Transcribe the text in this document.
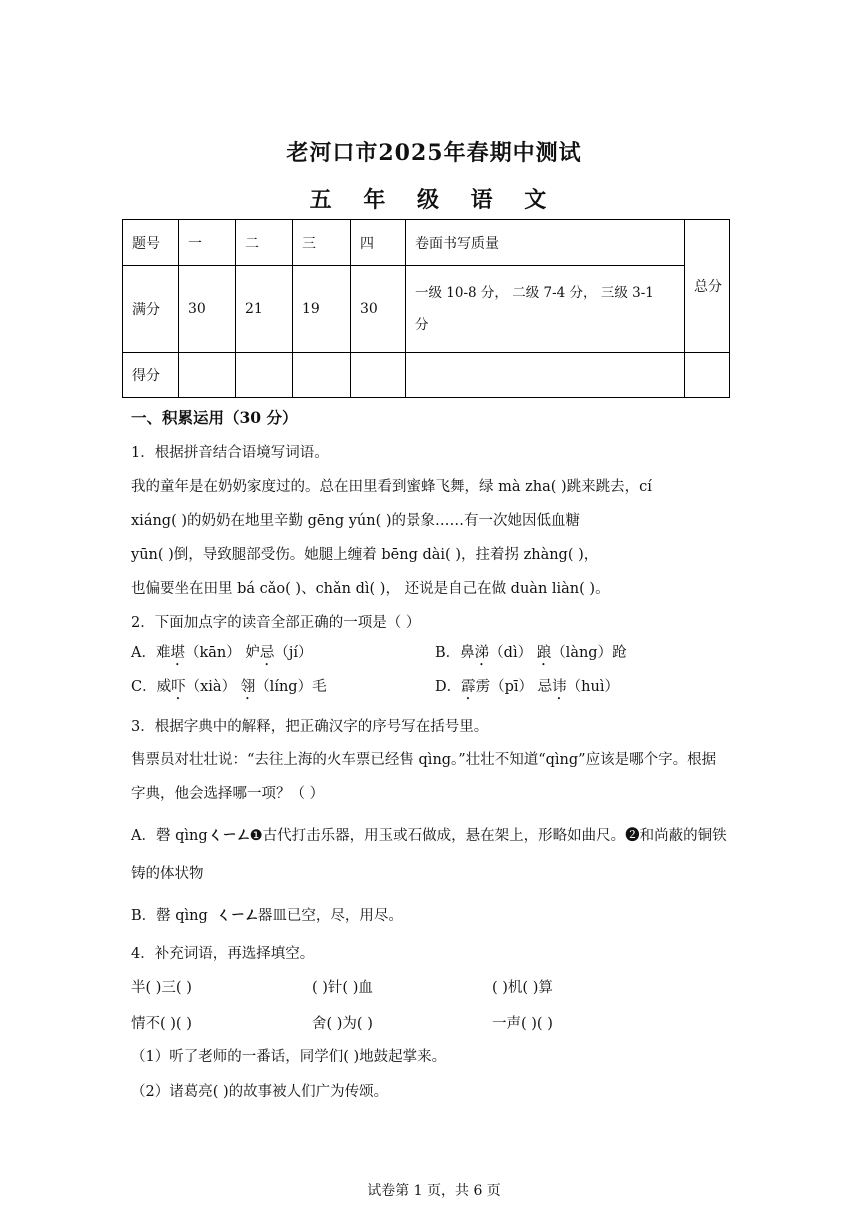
老河口市2025年春期中测试
五 年 级 语 文
题号	一	二	三	四	卷面书写质量	总分
满分	30	21	19	30	一级 10-8 分， 二级 7-4 分， 三级 3-1
分	

得分						
一、积累运用（30 分）
1．根据拼音结合语境写词语。
我的童年是在奶奶家度过的。总在田里看到蜜蜂飞舞，绿 mà zha( )跳来跳去，cí
xiáng( )的奶奶在地里辛勤 gēng yún( )的景象……有一次她因低血糖
yūn( )倒，导致腿部受伤。她腿上缠着 bēng dài( )，拄着拐 zhàng( )，
也偏要坐在田里 bá cǎo( )、chǎn dì( )， 还说是自己在做 duàn liàn( )。
2．下面加点字的读音全部正确的一项是（ ）
A．难堪（kān） 妒忌（jí）	B．鼻涕（dì） 踉（làng）跄
C．威吓（xià） 翎（líng）毛	D．霹雳（pī） 忌讳（huì）
3．根据字典中的解释，把正确汉字的序号写在括号里。
售票员对壮壮说：“去往上海的火车票已经售 qìng。”壮壮不知道“qìng”应该是哪个字。根据
字典，他会选择哪一项？（ ）
A．磬 qìngㄑㄧㄥ❶古代打击乐器，用玉或石做成，悬在架上，形略如曲尺。❷和尚蔽的铜铁
铸的体状物
B．罄 qìng ㄑㄧㄥ器皿已空，尽，用尽。
4．补充词语，再选择填空。
半( )三( )	( )针( )血	( )机( )算
情不( )( )	舍( )为( )	一声( )( )
（1）听了老师的一番话，同学们( )地鼓起掌来。
（2）诸葛亮( )的故事被人们广为传颂。
试卷第 1 页，共 6 页
